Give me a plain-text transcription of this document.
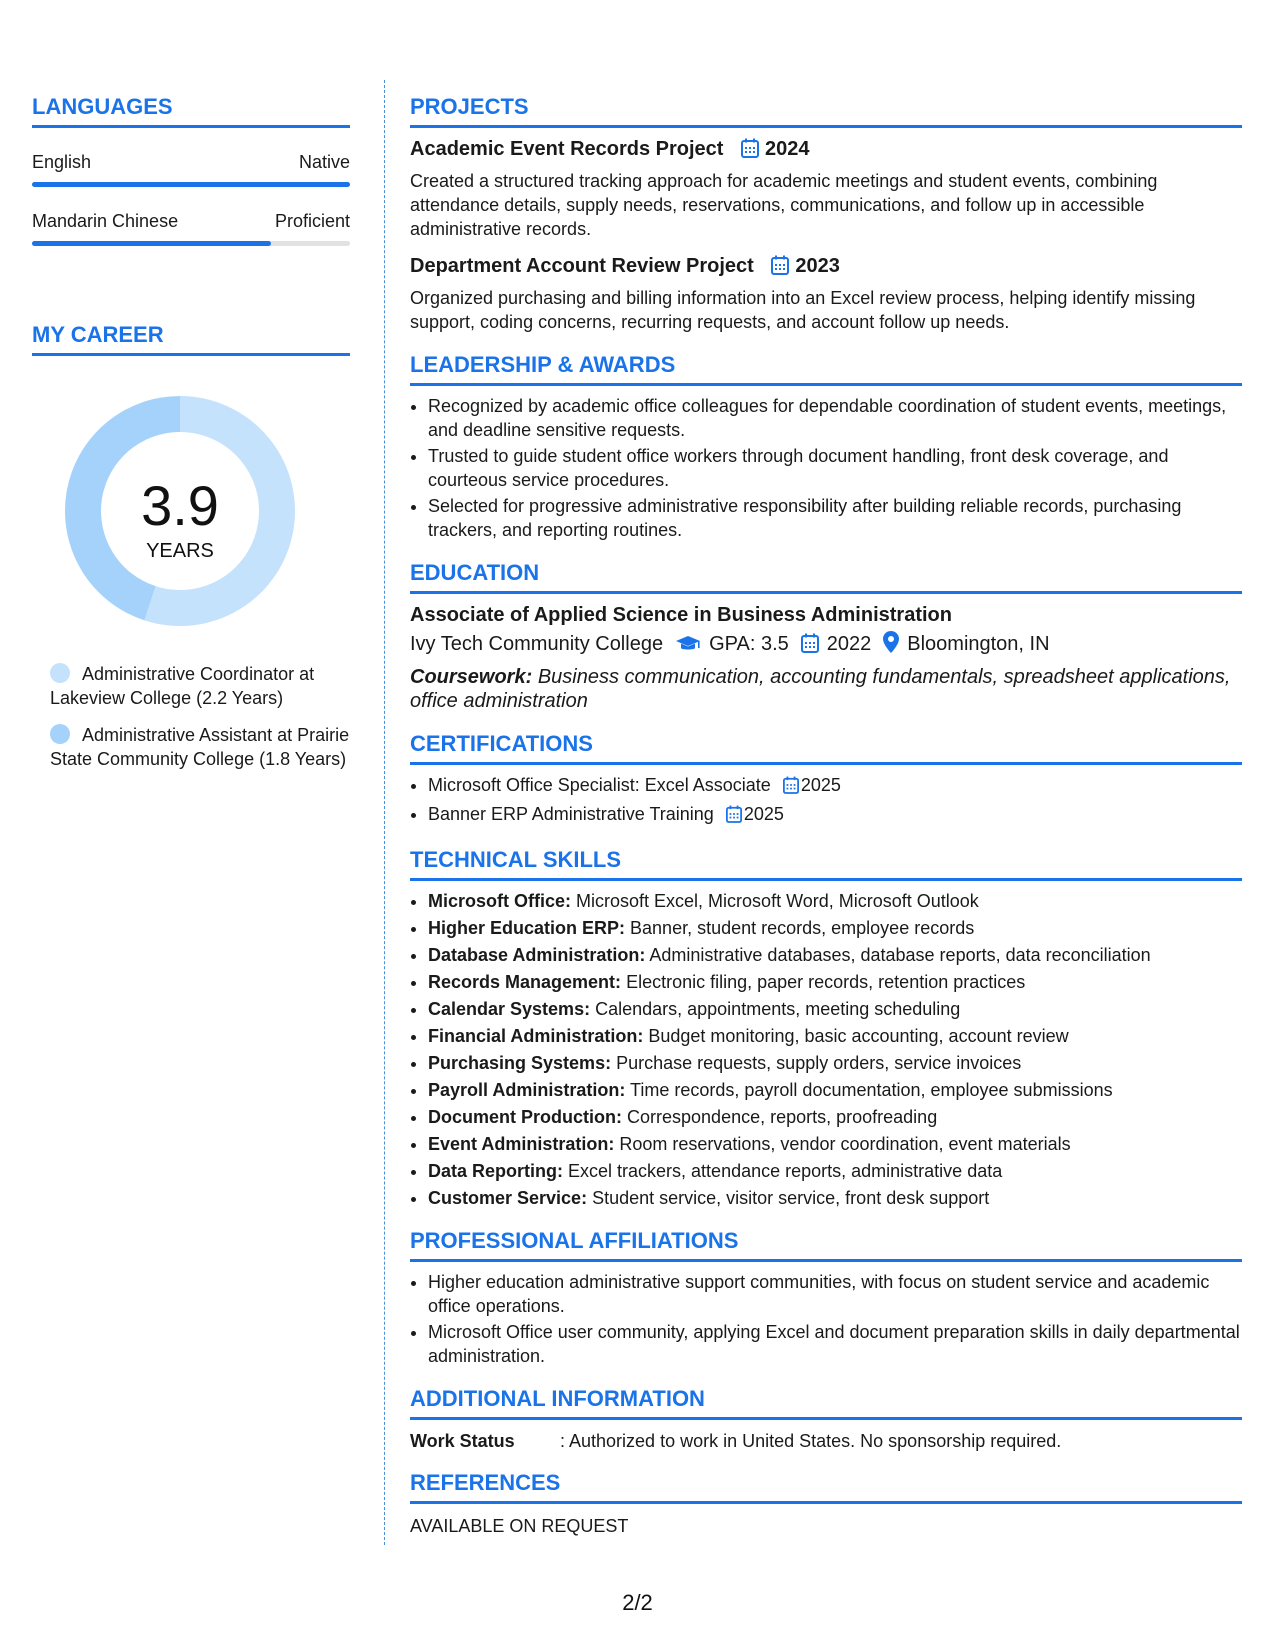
LANGUAGES
English	Native
Mandarin Chinese	Proficient
MY CAREER
3.9
YEARS
Administrative Coordinator at Lakeview College (2.2 Years)
Administrative Assistant at Prairie State Community College (1.8 Years)
PROJECTS
Academic Event Records Project 2024

Created a structured tracking approach for academic meetings and student events, combining attendance details, supply needs, reservations, communications, and follow up in accessible administrative records.

Department Account Review Project 2023

Organized purchasing and billing information into an Excel review process, helping identify missing support, coding concerns, recurring requests, and account follow up needs.

LEADERSHIP & AWARDS
• Recognized by academic office colleagues for dependable coordination of student events, meetings, and deadline sensitive requests.
• Trusted to guide student office workers through document handling, front desk coverage, and courteous service procedures.
• Selected for progressive administrative responsibility after building reliable records, purchasing trackers, and reporting routines.
EDUCATION
Associate of Applied Science in Business Administration
Ivy Tech Community College GPA: 3.5 2022 Bloomington, IN
Coursework: Business communication, accounting fundamentals, spreadsheet applications, office administration
CERTIFICATIONS
• Microsoft Office Specialist: Excel Associate 2025
• Banner ERP Administrative Training 2025
TECHNICAL SKILLS
• Microsoft Office: Microsoft Excel, Microsoft Word, Microsoft Outlook
• Higher Education ERP: Banner, student records, employee records
• Database Administration: Administrative databases, database reports, data reconciliation
• Records Management: Electronic filing, paper records, retention practices
• Calendar Systems: Calendars, appointments, meeting scheduling
• Financial Administration: Budget monitoring, basic accounting, account review
• Purchasing Systems: Purchase requests, supply orders, service invoices
• Payroll Administration: Time records, payroll documentation, employee submissions
• Document Production: Correspondence, reports, proofreading
• Event Administration: Room reservations, vendor coordination, event materials
• Data Reporting: Excel trackers, attendance reports, administrative data
• Customer Service: Student service, visitor service, front desk support
PROFESSIONAL AFFILIATIONS
• Higher education administrative support communities, with focus on student service and academic office operations.
• Microsoft Office user community, applying Excel and document preparation skills in daily departmental administration.
ADDITIONAL INFORMATION
Work Status	: Authorized to work in United States. No sponsorship required.
REFERENCES
AVAILABLE ON REQUEST
2/2
